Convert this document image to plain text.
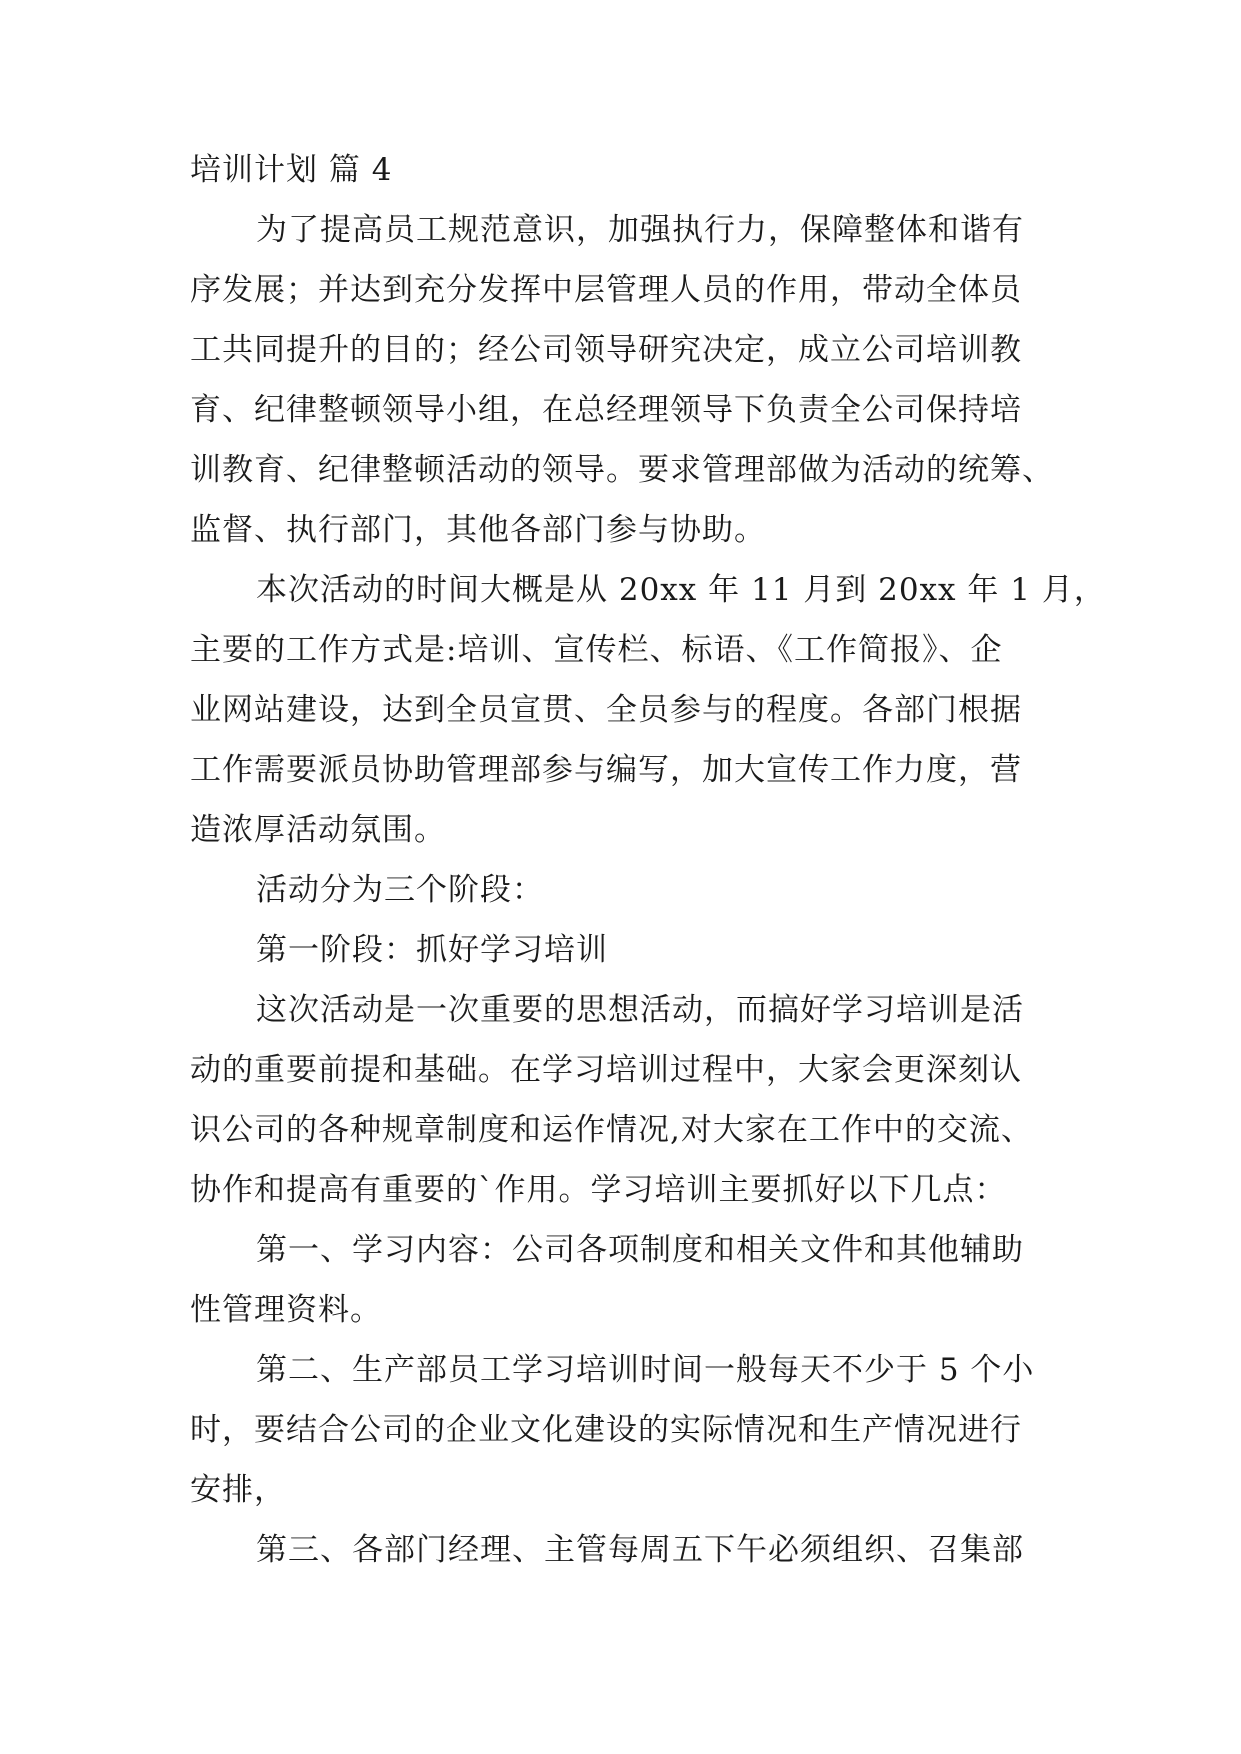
培训计划 篇 4
为了提高员工规范意识，加强执行力，保障整体和谐有
序发展；并达到充分发挥中层管理人员的作用，带动全体员
工共同提升的目的；经公司领导研究决定，成立公司培训教
育、纪律整顿领导小组，在总经理领导下负责全公司保持培
训教育、纪律整顿活动的领导。要求管理部做为活动的统筹、
监督、执行部门，其他各部门参与协助。
本次活动的时间大概是从 20xx 年 11 月到 20xx 年 1 月，
主要的工作方式是:培训、宣传栏、标语、《工作简报》、企
业网站建设，达到全员宣贯、全员参与的程度。各部门根据
工作需要派员协助管理部参与编写，加大宣传工作力度，营
造浓厚活动氛围。
活动分为三个阶段：
第一阶段：抓好学习培训
这次活动是一次重要的思想活动，而搞好学习培训是活
动的重要前提和基础。在学习培训过程中，大家会更深刻认
识公司的各种规章制度和运作情况,对大家在工作中的交流、
协作和提高有重要的`作用。学习培训主要抓好以下几点：
第一、学习内容：公司各项制度和相关文件和其他辅助
性管理资料。
第二、生产部员工学习培训时间一般每天不少于 5 个小
时，要结合公司的企业文化建设的实际情况和生产情况进行
安排，
第三、各部门经理、主管每周五下午必须组织、召集部
